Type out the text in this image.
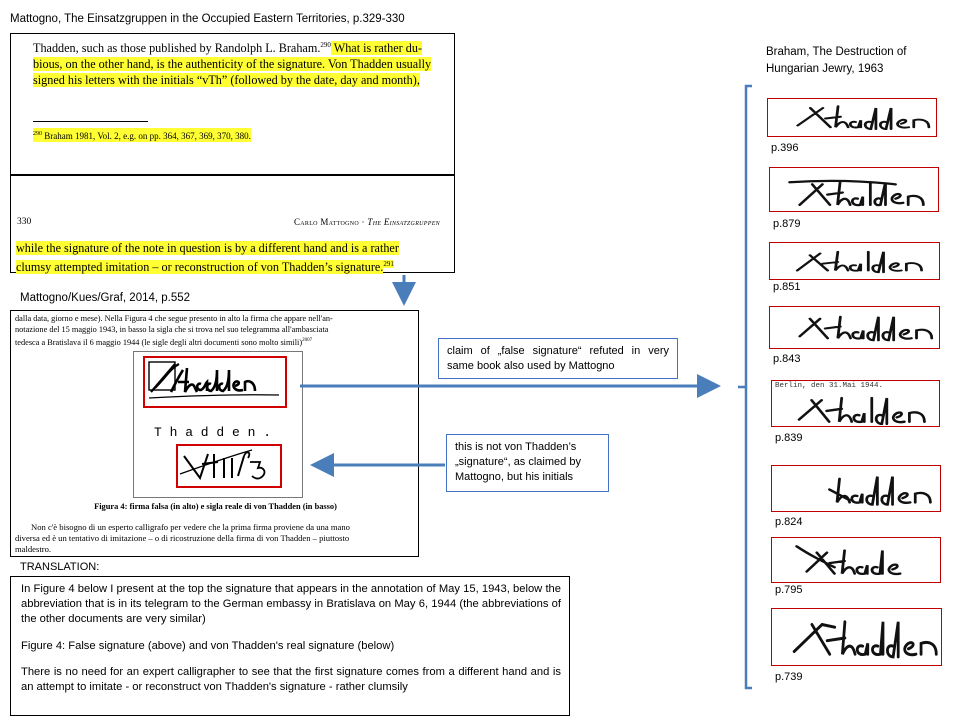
Mattogno, The Einsatzgruppen in the Occupied Eastern Territories, p.329-330
Thadden, such as those published by Randolph L. Braham.$^{290}$ What is rather du-
bious, on the other hand, is the authenticity of the signature. Von Thadden usually
signed his letters with the initials “vTh” (followed by the date, day and month),
$^{290}$ Braham 1981, Vol. 2, e.g. on pp. 364, 367, 369, 370, 380.
330	Carlo Mattogno · The Einsatzgruppen
while the signature of the note in question is by a different hand and is a rather
clumsy attempted imitation – or reconstruction of von Thadden’s signature.$^{291}$
Mattogno/Kues/Graf, 2014, p.552
dalla data, giorno e mese). Nella Figura 4 che segue presento in alto la firma che appare nell'an-
notazione del 15 maggio 1943, in basso la sigla che si trova nel suo telegramma all'ambasciata
tedesca a Bratislava il 6 maggio 1944 (le sigle degli altri documenti sono molto simili)$^{2007}$
T h a d d e n .
Figura 4: firma falsa (in alto) e sigla reale di von Thadden (in basso)
Non c'è bisogno di un esperto calligrafo per vedere che la prima firma proviene da una mano
diversa ed è un tentativo di imitazione – o di ricostruzione della firma di von Thadden – piuttosto
maldestro.
TRANSLATION:
In Figure 4 below I present at the top the signature that appears in the annotation of May 15, 1943, below the abbreviation that is in its telegram to the German embassy in Bratislava on May 6, 1944 (the abbreviations of the other documents are very similar)
Figure 4: False signature (above) and von Thadden's real signature (below)
There is no need for an expert calligrapher to see that the first signature comes from a different hand and is an attempt to imitate - or reconstruct von Thadden's signature - rather clumsily
claim of „false signature“ refuted in very same book also used by Mattogno
this is not von Thadden’s
„signature“, as claimed by
Mattogno, but his initials
Braham, The Destruction of
Hungarian Jewry, 1963
p.396
p.879
p.851
p.843
Berlin, den 31.Mai 1944.
p.839
p.824
p.795
p.739
